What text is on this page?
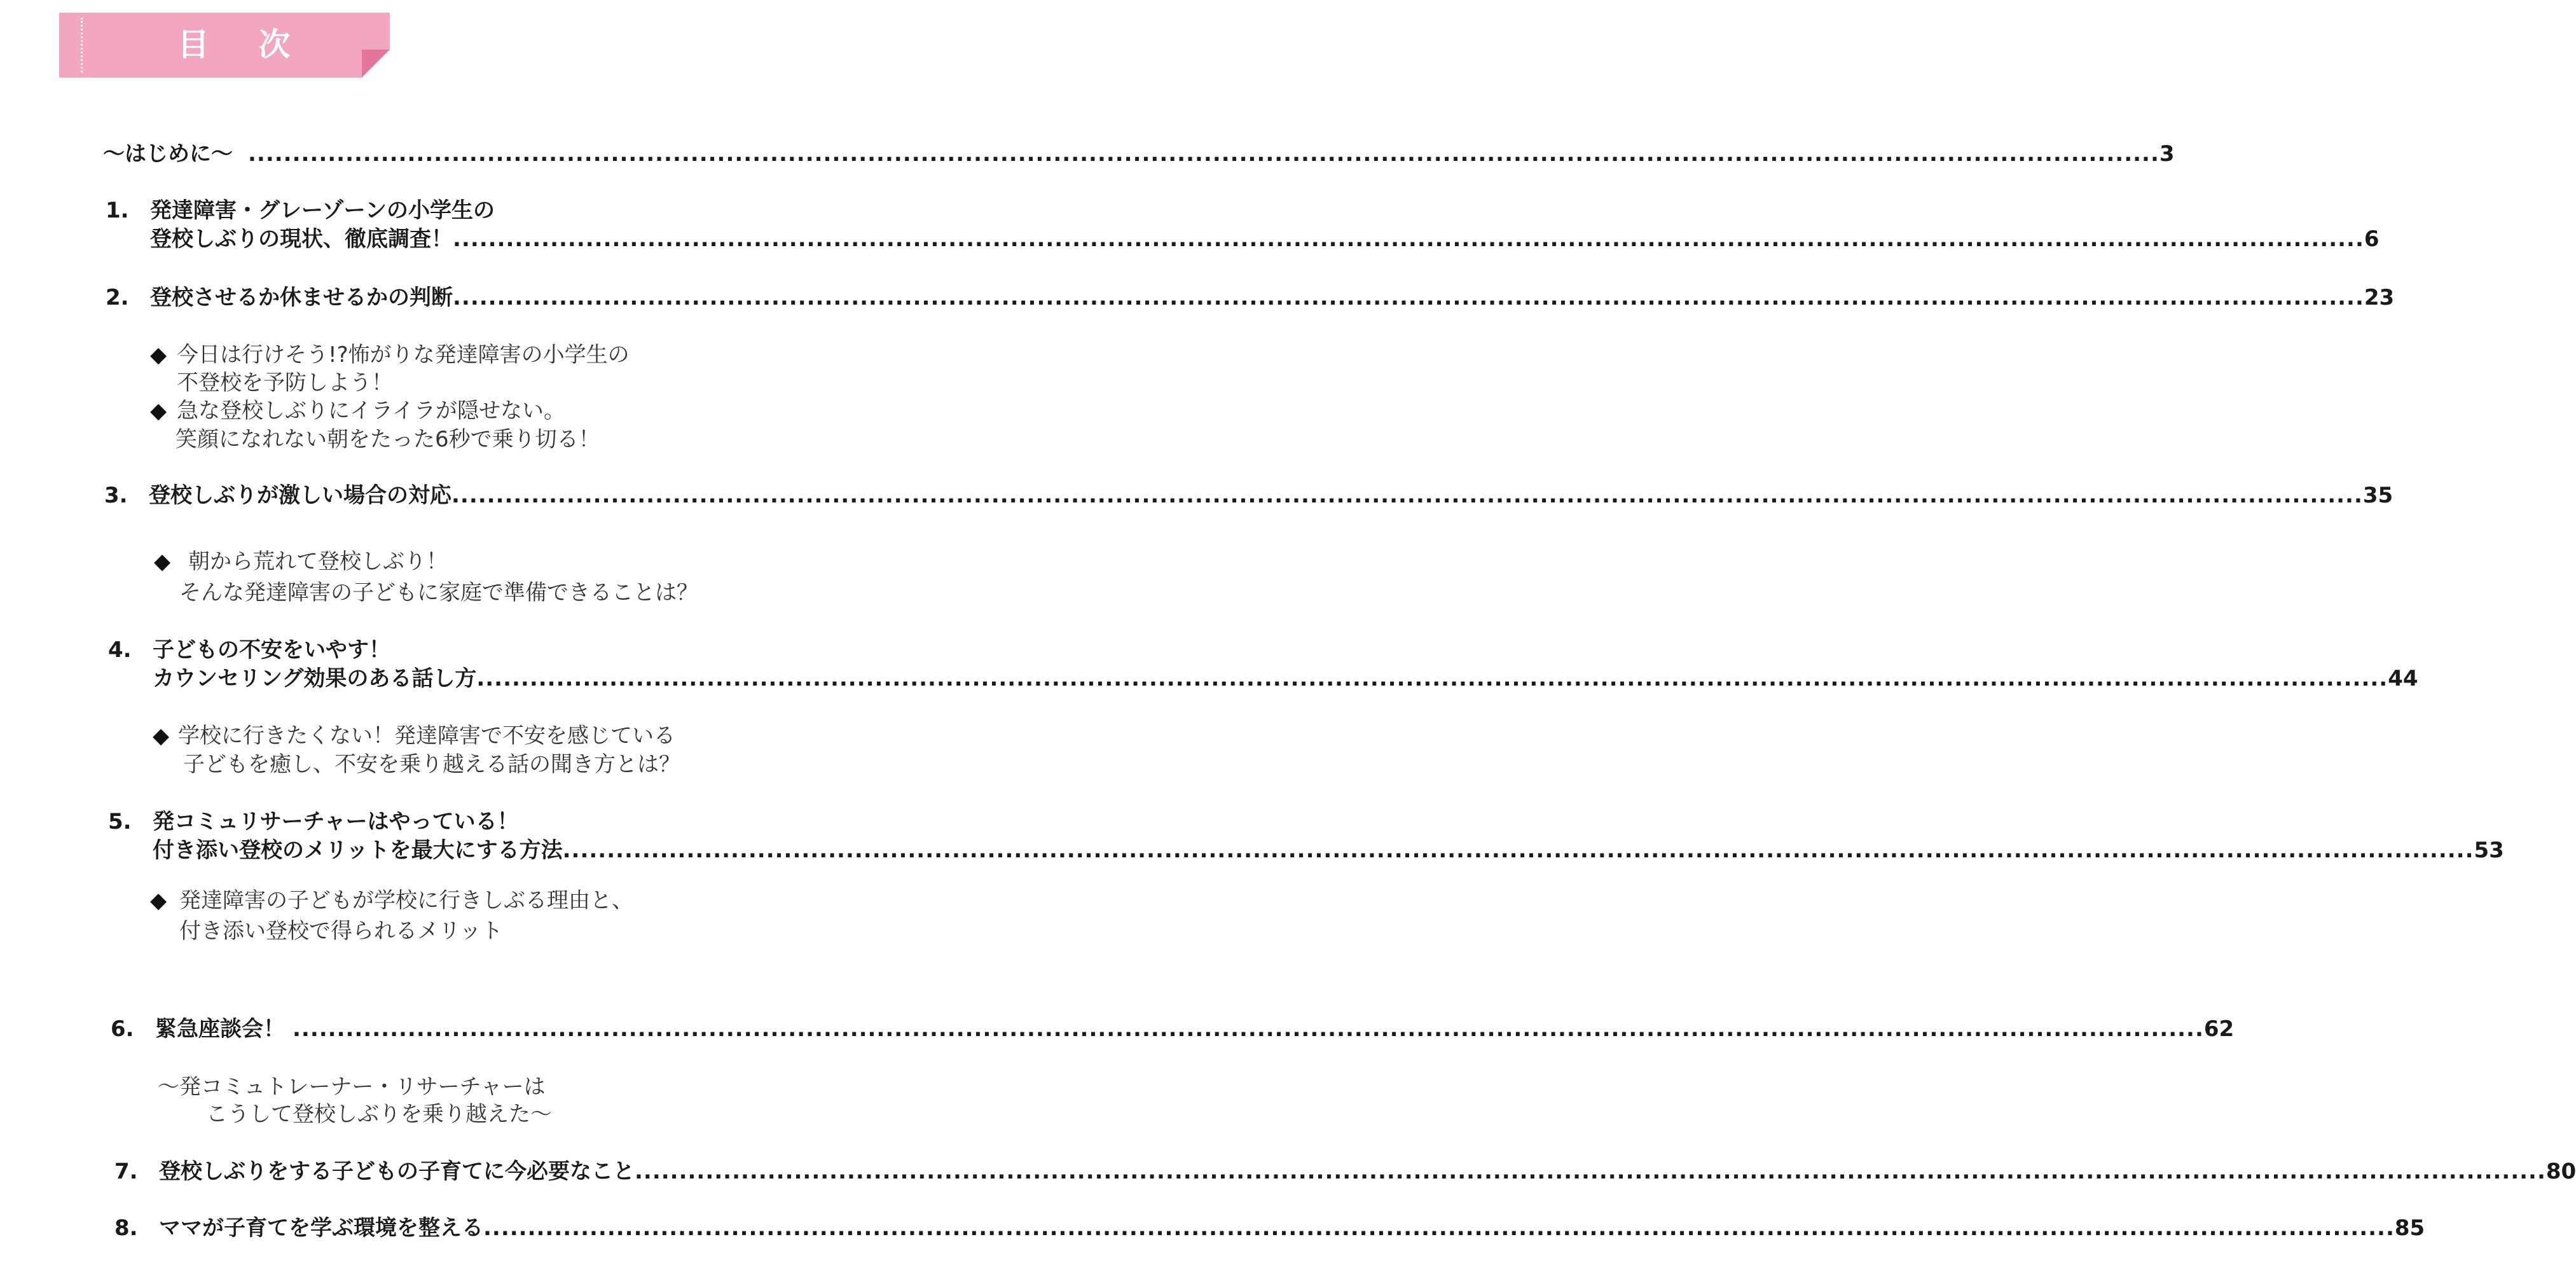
目 次
〜はじめに〜 ........................................................................................................................................................................................................................ 3
1. 発達障害・グレーゾーンの小学生の
登校しぶりの現状、徹底調査！ ........................................................................................................................................................................................................................ 6
2. 登校させるか休ませるかの判断 ........................................................................................................................................................................................................................ 23
◆ 今日は行けそう!?怖がりな発達障害の小学生の
不登校を予防しよう！
◆ 急な登校しぶりにイライラが隠せない。
笑顔になれない朝をたった6秒で乗り切る！
3. 登校しぶりが激しい場合の対応 ........................................................................................................................................................................................................................ 35
◆ 朝から荒れて登校しぶり！
そんな発達障害の子どもに家庭で準備できることは？
4. 子どもの不安をいやす！
カウンセリング効果のある話し方 ........................................................................................................................................................................................................................ 44
◆ 学校に行きたくない！発達障害で不安を感じている
子どもを癒し、不安を乗り越える話の聞き方とは？
5. 発コミュリサーチャーはやっている！
付き添い登校のメリットを最大にする方法 ........................................................................................................................................................................................................................ 53
◆ 発達障害の子どもが学校に行きしぶる理由と、
付き添い登校で得られるメリット
6. 緊急座談会！ ........................................................................................................................................................................................................................ 62
〜発コミュトレーナー・リサーチャーは
こうして登校しぶりを乗り越えた〜
7. 登校しぶりをする子どもの子育てに今必要なこと ........................................................................................................................................................................................................................ 80
8. ママが子育てを学ぶ環境を整える ........................................................................................................................................................................................................................ 85
